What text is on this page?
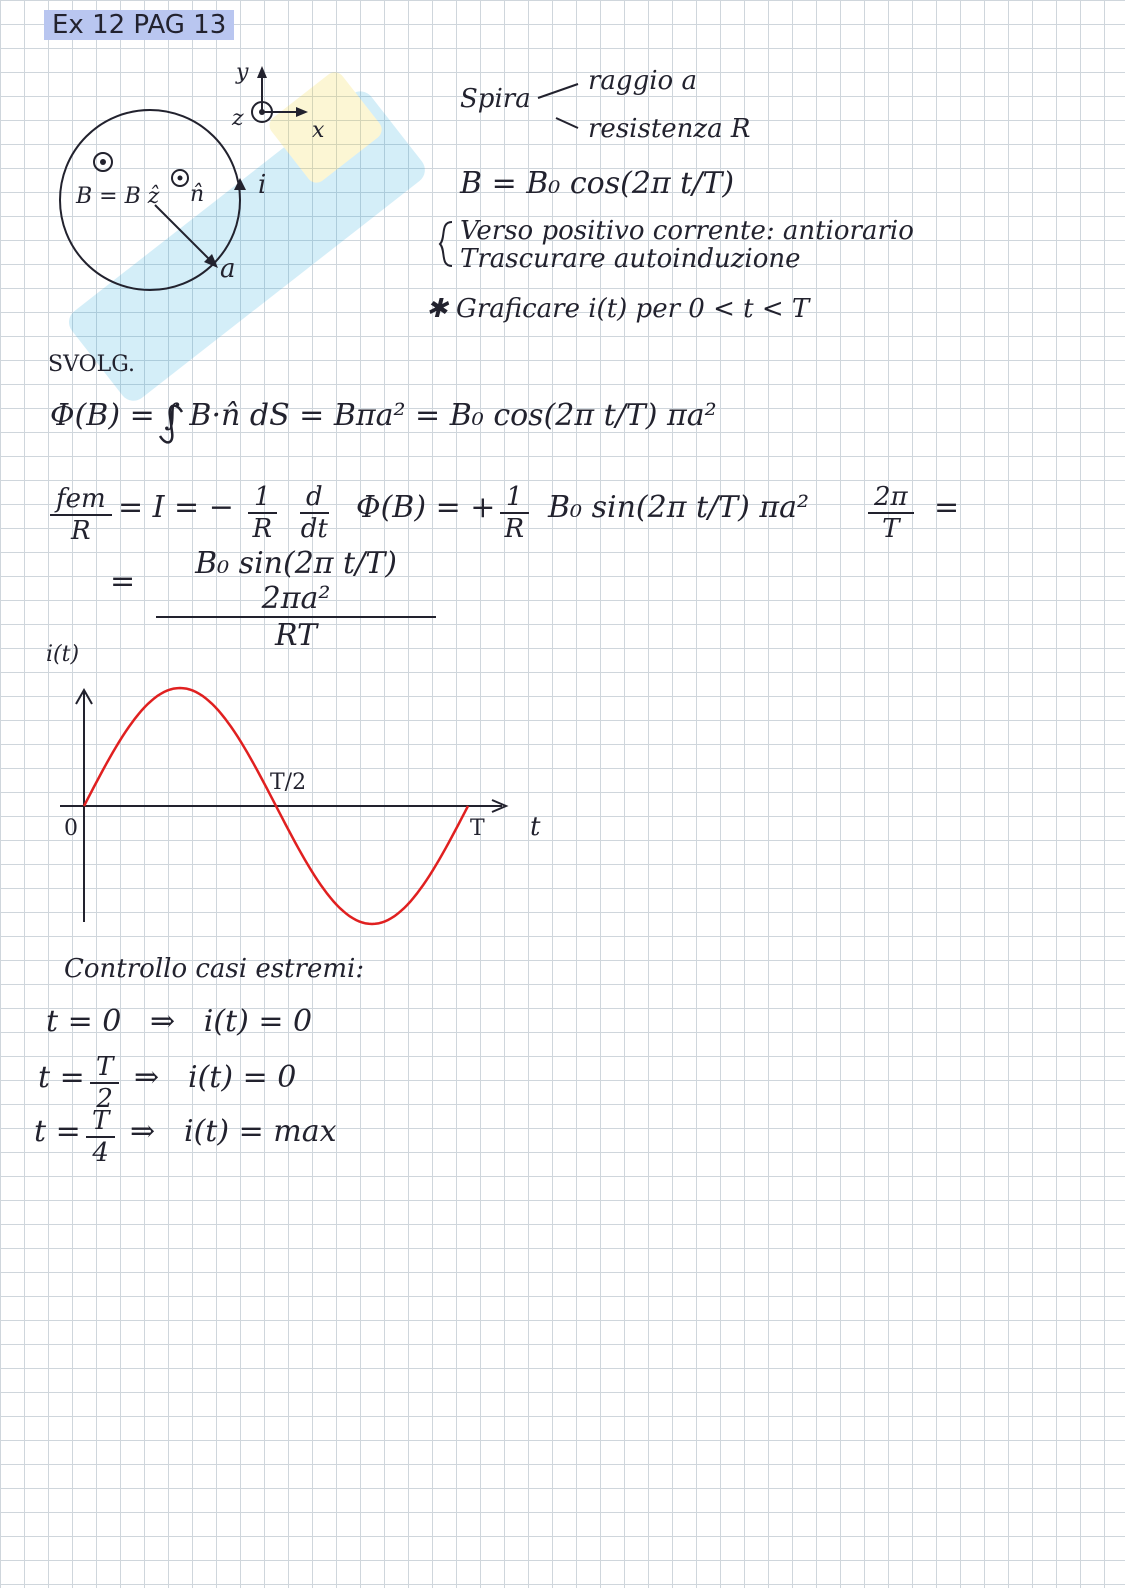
Ex 12 PAG 13
y
x
z
B = B ẑ n̂ i
a
Spira
raggio a
resistenza R
B = B₀ cos(2π t/T)
Verso positivo corrente: antiorario
Trascurare autoinduzione
✱ Graficare i(t) per 0 < t < T
SVOLG.
Φ(B) = ∫ B·n̂ dS = Bπa² = B₀ cos(2π t/T) πa²
fem
R
= I = − $\frac{1}{R} \frac{d}{dt} \Phi(B)$ = + $\frac{1}{R} B_0$ sin(2π t/T) $\pi a^2 \frac{2\pi}{T}$ =
= $\frac{\text{B₀ sin(2π t/T) 2πa²}}{RT}$
i(t)
0
T/2
T t
Controllo casi estremi:
t = 0 ⇒ i(t) = 0
$t = \frac{T}{2}$ ⇒ i(t) = 0
$t = \frac{T}{4}$ ⇒ i(t) = max
